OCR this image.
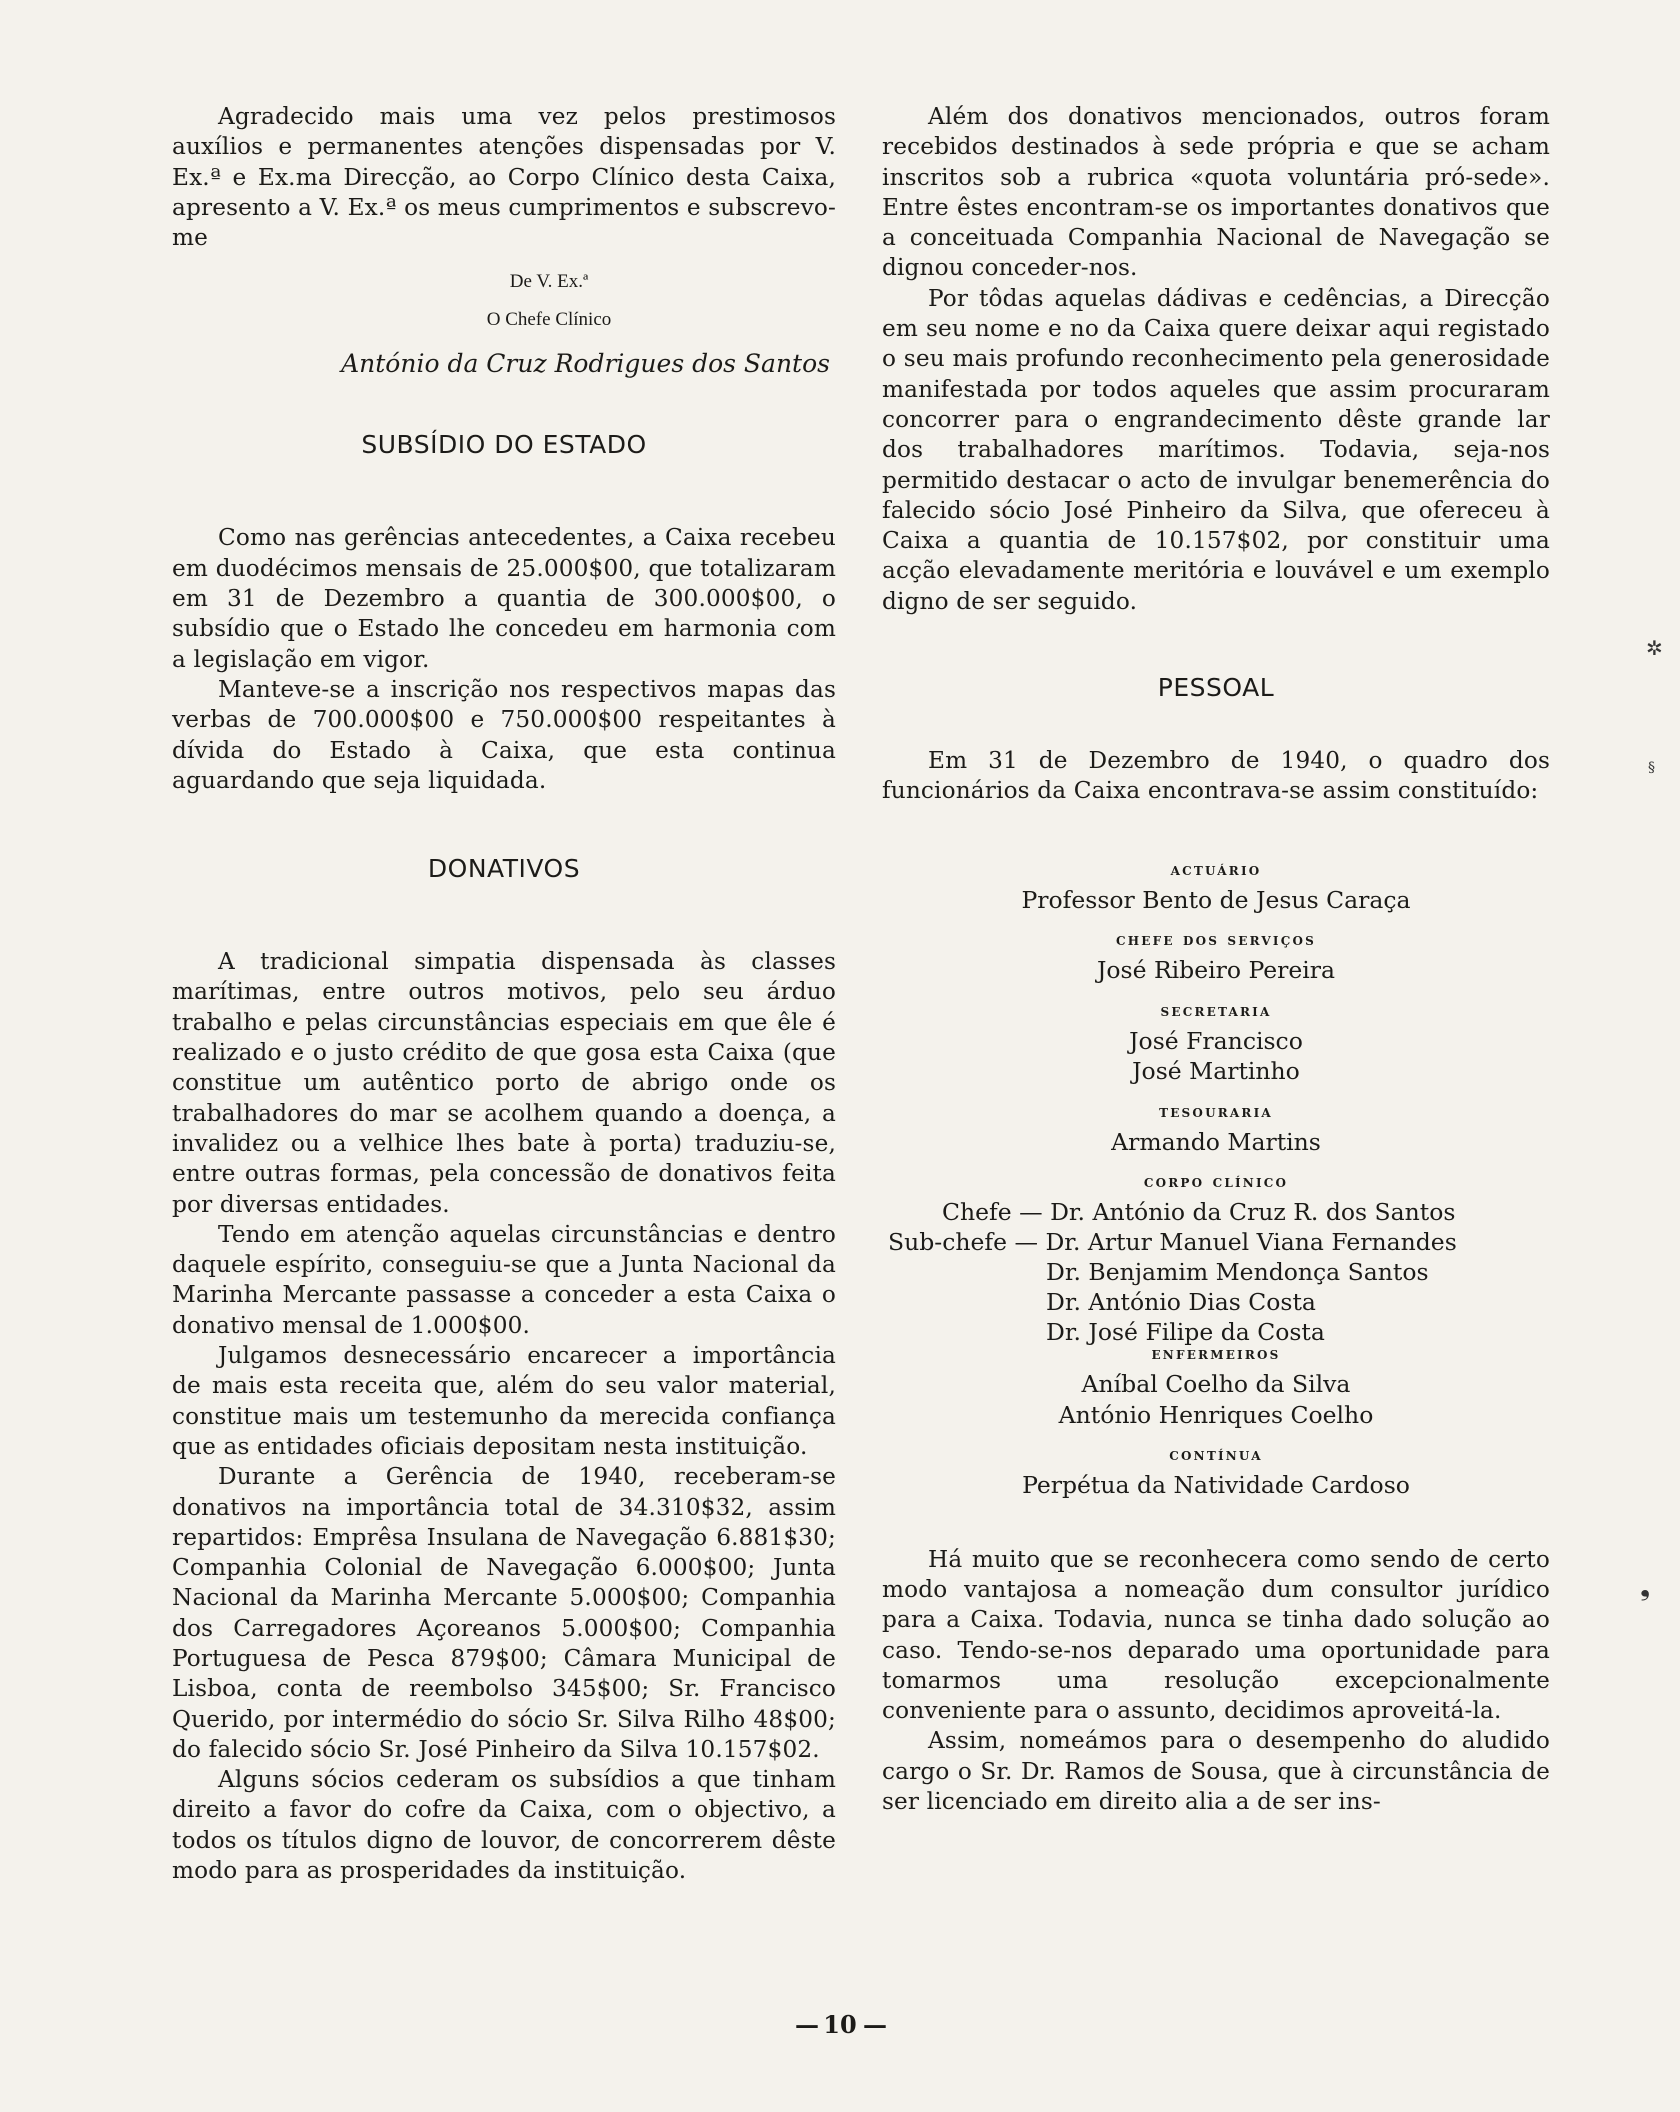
Agradecido mais uma vez pelos prestimosos auxílios e permanentes atenções dispensadas por V. Ex.ª e Ex.ma Direcção, ao Corpo Clínico desta Caixa, apresento a V. Ex.ª os meus cumprimentos e subscrevo-me

De V. Ex.ª
O Chefe Clínico
António da Cruz Rodrigues dos Santos
SUBSÍDIO DO ESTADO

Como nas gerências antecedentes, a Caixa recebeu em duodécimos mensais de 25.000$00, que totalizaram em 31 de Dezembro a quantia de 300.000$00, o subsídio que o Estado lhe concedeu em harmonia com a legislação em vigor.

Manteve-se a inscrição nos respectivos mapas das verbas de 700.000$00 e 750.000$00 respeitantes à dívida do Estado à Caixa, que esta continua aguardando que seja liquidada.

DONATIVOS

A tradicional simpatia dispensada às classes marítimas, entre outros motivos, pelo seu árduo trabalho e pelas circunstâncias especiais em que êle é realizado e o justo crédito de que gosa esta Caixa (que constitue um autêntico porto de abrigo onde os trabalhadores do mar se acolhem quando a doença, a invalidez ou a velhice lhes bate à porta) traduziu-se, entre outras formas, pela concessão de donativos feita por diversas entidades.

Tendo em atenção aquelas circunstâncias e dentro daquele espírito, conseguiu-se que a Junta Nacional da Marinha Mercante passasse a conceder a esta Caixa o donativo mensal de 1.000$00.

Julgamos desnecessário encarecer a importância de mais esta receita que, além do seu valor material, constitue mais um testemunho da merecida confiança que as entidades oficiais depositam nesta instituição.

Durante a Gerência de 1940, receberam-se donativos na importância total de 34.310$32, assim repartidos: Emprêsa Insulana de Navegação 6.881$30; Companhia Colonial de Navegação 6.000$00; Junta Nacional da Marinha Mercante 5.000$00; Companhia dos Carregadores Açoreanos 5.000$00; Companhia Portuguesa de Pesca 879$00; Câmara Municipal de Lisboa, conta de reembolso 345$00; Sr. Francisco Querido, por intermédio do sócio Sr. Silva Rilho 48$00; do falecido sócio Sr. José Pinheiro da Silva 10.157$02.

Alguns sócios cederam os subsídios a que tinham direito a favor do cofre da Caixa, com o objectivo, a todos os títulos digno de louvor, de concorrerem dêste modo para as prosperidades da instituição.

Além dos donativos mencionados, outros foram recebidos destinados à sede própria e que se acham inscritos sob a rubrica «quota voluntária pró-sede». Entre êstes encontram-se os importantes donativos que a conceituada Companhia Nacional de Navegação se dignou conceder-nos.

Por tôdas aquelas dádivas e cedências, a Direcção em seu nome e no da Caixa quere deixar aqui registado o seu mais profundo reconhecimento pela generosidade manifestada por todos aqueles que assim procuraram concorrer para o engrandecimento dêste grande lar dos trabalhadores marítimos. Todavia, seja-nos permitido destacar o acto de invulgar benemerência do falecido sócio José Pinheiro da Silva, que ofereceu à Caixa a quantia de 10.157$02, por constituir uma acção elevadamente meritória e louvável e um exemplo digno de ser seguido.

PESSOAL

Em 31 de Dezembro de 1940, o quadro dos funcionários da Caixa encontrava-se assim constituído:

actuário

Professor Bento de Jesus Caraça

chefe dos serviços

José Ribeiro Pereira

secretaria

José Francisco

José Martinho

tesouraria

Armando Martins

corpo clínico

Chefe — Dr. António da Cruz R. dos Santos
Sub-chefe — Dr. Artur Manuel Viana Fernandes
Dr. Benjamim Mendonça Santos
Dr. António Dias Costa
Dr. José Filipe da Costa

enfermeiros

Aníbal Coelho da Silva

António Henriques Coelho

contínua

Perpétua da Natividade Cardoso

Há muito que se reconhecera como sendo de certo modo vantajosa a nomeação dum consultor jurídico para a Caixa. Todavia, nunca se tinha dado solução ao caso. Tendo-se-nos deparado uma oportunidade para tomarmos uma resolução excepcionalmente conveniente para o assunto, decidimos aproveitá-la.

Assim, nomeámos para o desempenho do aludido cargo o Sr. Dr. Ramos de Sousa, que à circunstância de ser licenciado em direito alia a de ser ins-

✲
§
❟
— 10 —
